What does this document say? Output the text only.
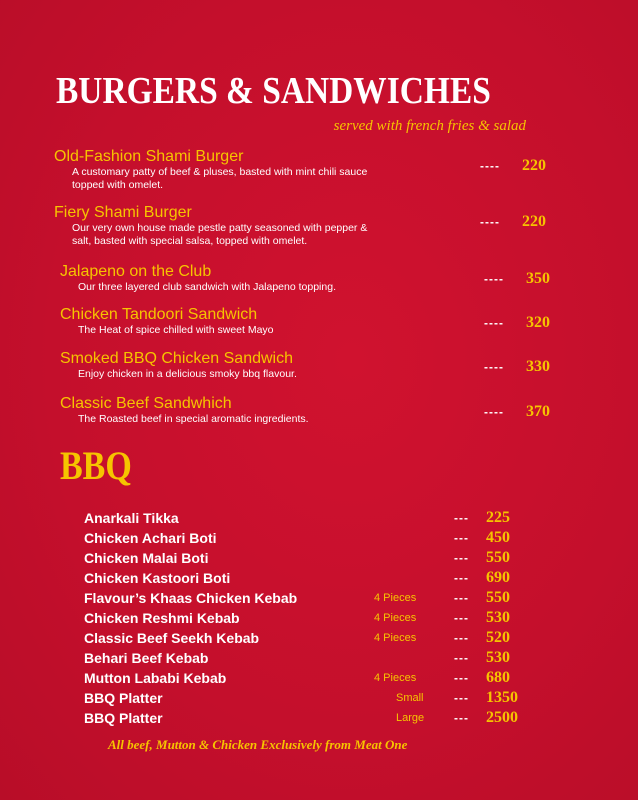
BURGERS & SANDWICHES
served with french fries & salad
Old-Fashion Shami Burger
A customary patty of beef & pluses, basted with mint chili sauce
topped with omelet.
---- 220
Fiery Shami Burger
Our very own house made pestle patty seasoned with pepper &
salt, basted with special salsa, topped with omelet.
---- 220
Jalapeno on the Club
Our three layered club sandwich with Jalapeno topping.
---- 350
Chicken Tandoori Sandwich
The Heat of spice chilled with sweet Mayo	---- 320
Smoked BBQ Chicken Sandwich
Enjoy chicken in a delicious smoky bbq flavour.	---- 330
Classic Beef Sandwhich
The Roasted beef in special aromatic ingredients.	---- 370
BBQ
Anarkali Tikka	--- 225
Chicken Achari Boti	--- 450
Chicken Malai Boti	--- 550
Chicken Kastoori Boti	--- 690
Flavour’s Khaas Chicken Kebab	4 Pieces	--- 550
Chicken Reshmi Kebab	4 Pieces	--- 530
Classic Beef Seekh Kebab	4 Pieces	--- 520
Behari Beef Kebab	--- 530
Mutton Lababi Kebab	4 Pieces	--- 680
BBQ Platter	Small	--- 1350
BBQ Platter	Large --- 2500
All beef, Mutton & Chicken Exclusively from Meat One
